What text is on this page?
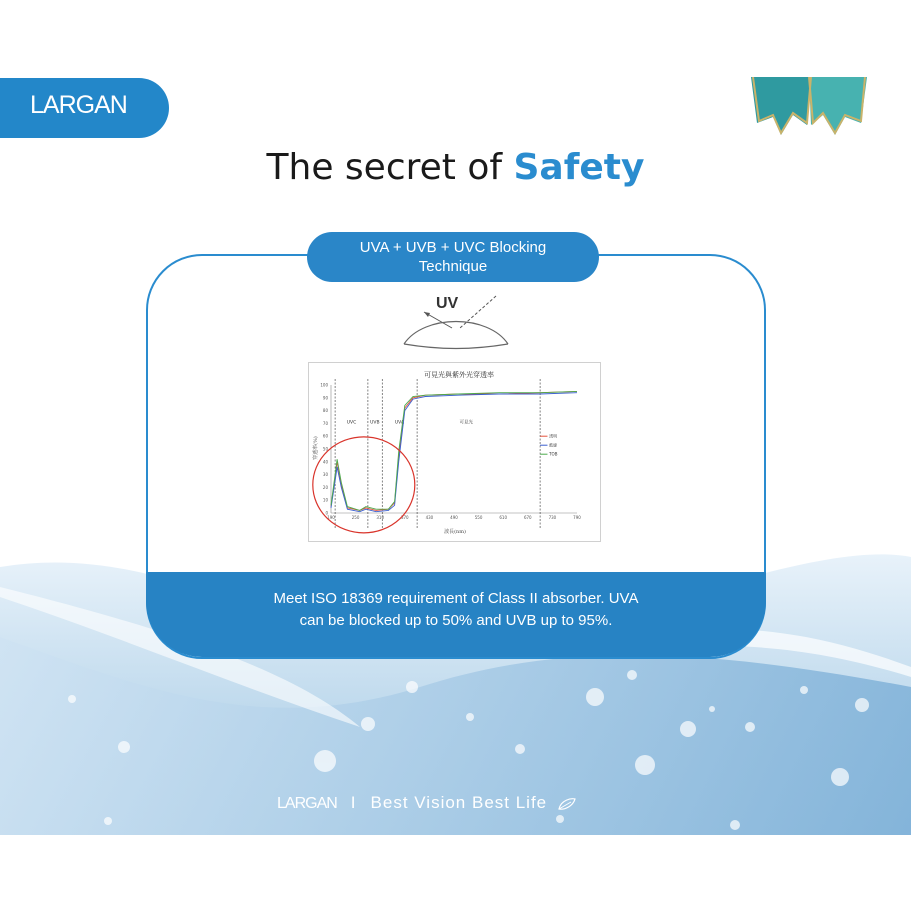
LARGAN
The secret of Safety
UVA + UVB + UVC Blocking
Technique
UV
可見光與紫外光穿透率
波長(nm)
穿透率(%)
0
10
20
30
40
50
60
70
80
90
100
190	250	310	370	430	490	550	610	670	730	790
UVC	UVB	UVA	可見光
透明
藍綠
TOB
Meet ISO 18369 requirement of Class II absorber. UVA
can be blocked up to 50% and UVB up to 95%.
LARGAN I Best Vision Best Life
